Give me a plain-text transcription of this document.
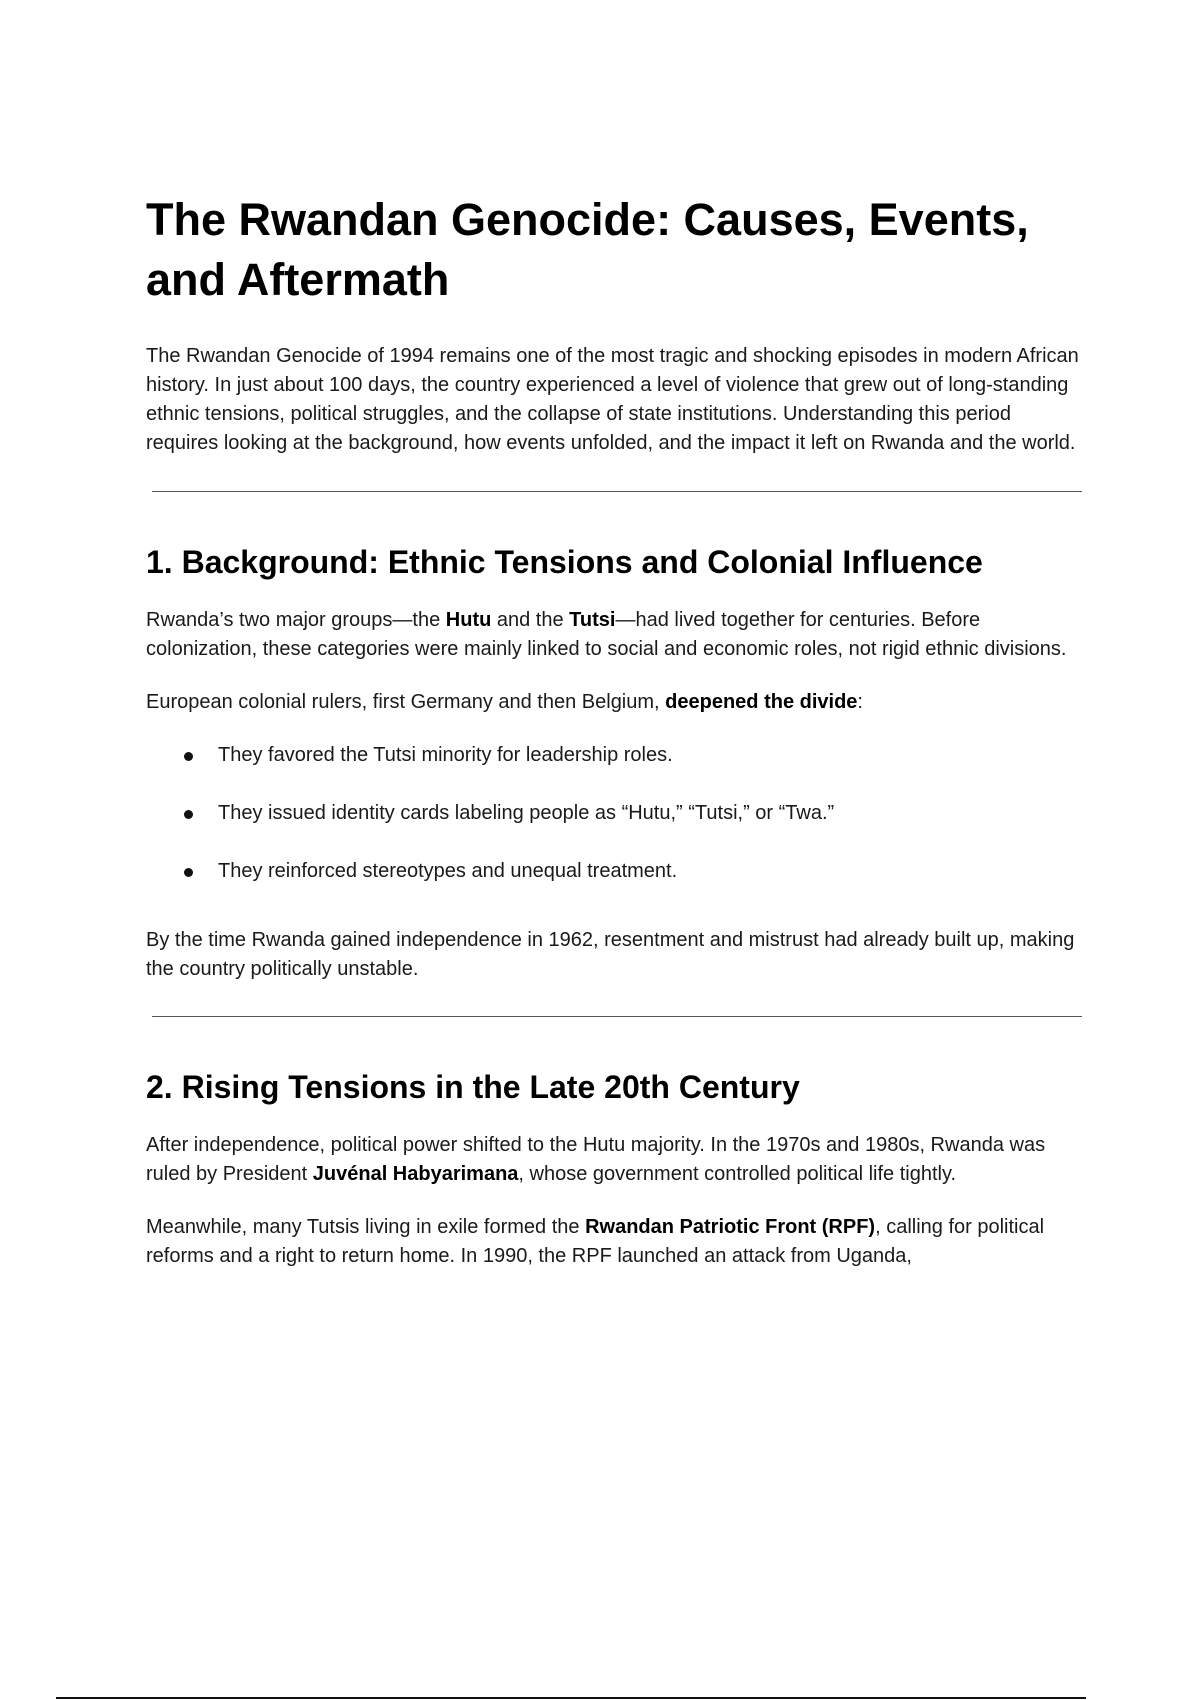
The Rwandan Genocide: Causes, Events, and Aftermath

The Rwandan Genocide of 1994 remains one of the most tragic and shocking episodes in modern African history. In just about 100 days, the country experienced a level of violence that grew out of long-standing ethnic tensions, political struggles, and the collapse of state institutions. Understanding this period requires looking at the background, how events unfolded, and the impact it left on Rwanda and the world.

1. Background: Ethnic Tensions and Colonial Influence

Rwanda’s two major groups—the Hutu and the Tutsi—had lived together for centuries. Before colonization, these categories were mainly linked to social and economic roles, not rigid ethnic divisions.

European colonial rulers, first Germany and then Belgium, deepened the divide:

They favored the Tutsi minority for leadership roles.
They issued identity cards labeling people as “Hutu,” “Tutsi,” or “Twa.”
They reinforced stereotypes and unequal treatment.

By the time Rwanda gained independence in 1962, resentment and mistrust had already built up, making the country politically unstable.

2. Rising Tensions in the Late 20th Century

After independence, political power shifted to the Hutu majority. In the 1970s and 1980s, Rwanda was ruled by President Juvénal Habyarimana, whose government controlled political life tightly.

Meanwhile, many Tutsis living in exile formed the Rwandan Patriotic Front (RPF), calling for political reforms and a right to return home. In 1990, the RPF launched an attack from Uganda,
